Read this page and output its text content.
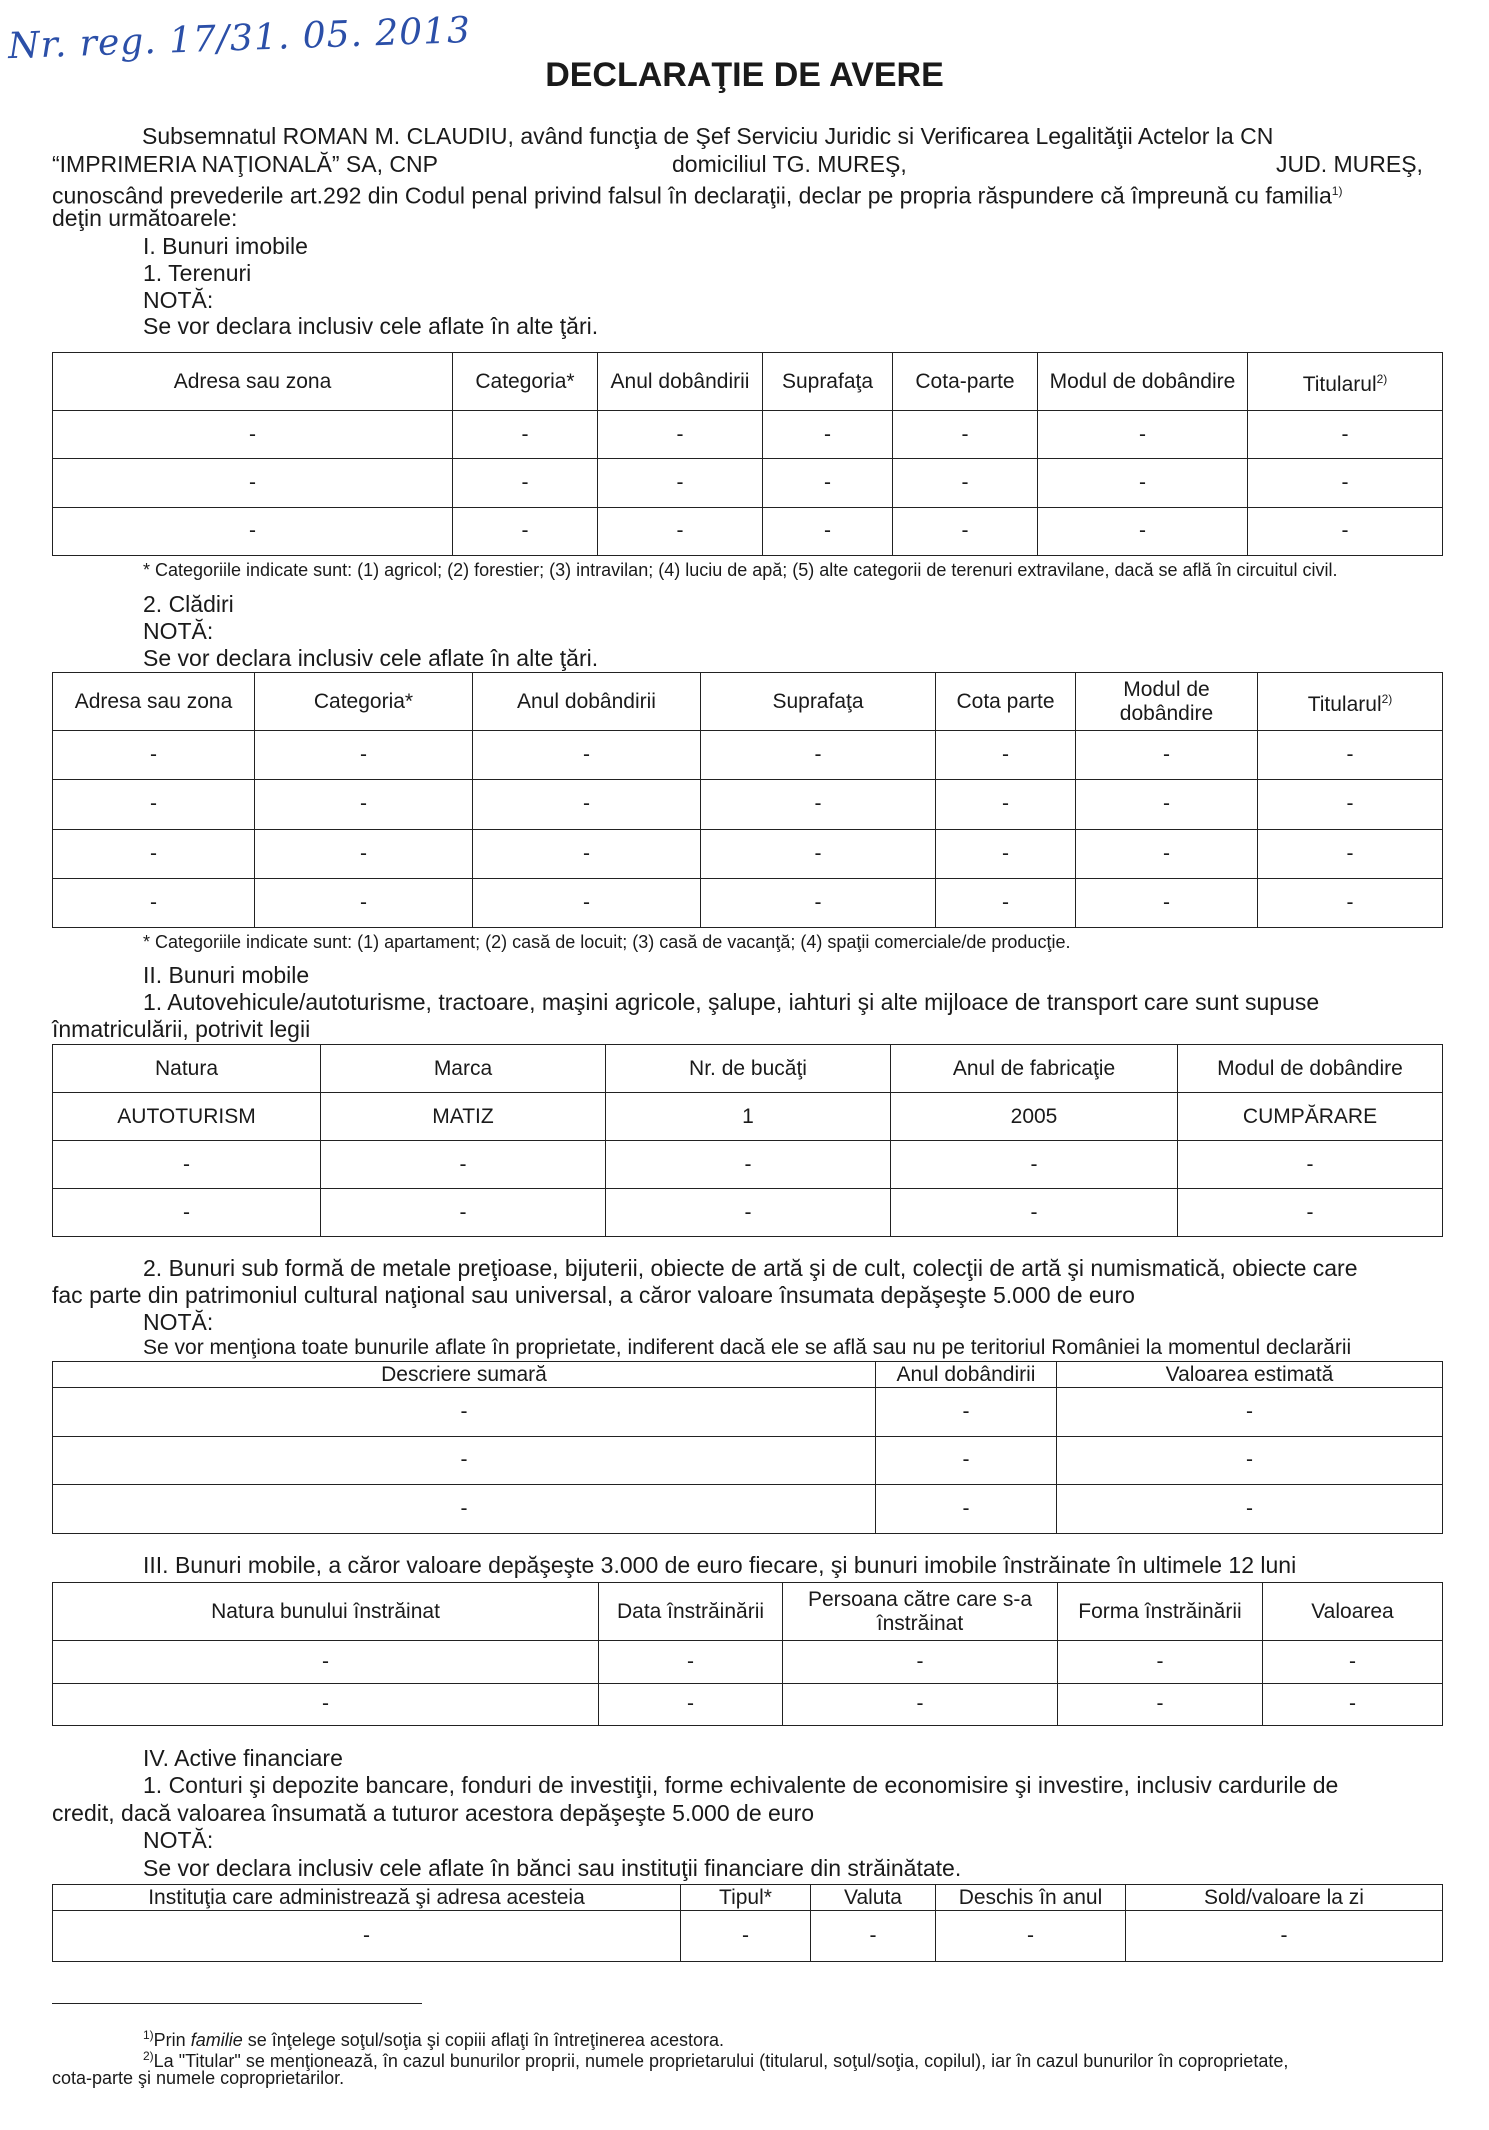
Nr. reg. 17/31. 05. 2013
DECLARAŢIE DE AVERE
Subsemnatul ROMAN M. CLAUDIU, având funcţia de Şef Serviciu Juridic si Verificarea Legalităţii Actelor la CN
“IMPRIMERIA NAŢIONALĂ” SA, CNP	domiciliul TG. MUREŞ,	JUD. MUREŞ,
cunoscând prevederile art.292 din Codul penal privind falsul în declaraţii, declar pe propria răspundere că împreună cu familia$^{1)}$
deţin următoarele:
I. Bunuri imobile
1. Terenuri
NOTĂ:
Se vor declara inclusiv cele aflate în alte ţări.
Adresa sau zona	Categoria*	Anul dobândirii	Suprafaţa	Cota-parte	Modul de dobândire	Titularul$^{2)}$
-	-	-	-	-	-	-
-	-	-	-	-	-	-
-	-	-	-	-	-	-
* Categoriile indicate sunt: (1) agricol; (2) forestier; (3) intravilan; (4) luciu de apă; (5) alte categorii de terenuri extravilane, dacă se află în circuitul civil.
2. Clădiri
NOTĂ:
Se vor declara inclusiv cele aflate în alte ţări.
Adresa sau zona	Categoria*	Anul dobândirii	Suprafaţa	Cota parte	Modul de dobândire	Titularul$^{2)}$
-	-	-	-	-	-	-
-	-	-	-	-	-	-
-	-	-	-	-	-	-
-	-	-	-	-	-	-
* Categoriile indicate sunt: (1) apartament; (2) casă de locuit; (3) casă de vacanţă; (4) spaţii comerciale/de producţie.
II. Bunuri mobile
1. Autovehicule/autoturisme, tractoare, maşini agricole, şalupe, iahturi şi alte mijloace de transport care sunt supuse
înmatriculării, potrivit legii
Natura	Marca	Nr. de bucăţi	Anul de fabricaţie	Modul de dobândire
AUTOTURISM	MATIZ	1	2005	CUMPĂRARE
-	-	-	-	-
-	-	-	-	-
2. Bunuri sub formă de metale preţioase, bijuterii, obiecte de artă şi de cult, colecţii de artă şi numismatică, obiecte care
fac parte din patrimoniul cultural naţional sau universal, a căror valoare însumata depăşeşte 5.000 de euro
NOTĂ:
Se vor menţiona toate bunurile aflate în proprietate, indiferent dacă ele se află sau nu pe teritoriul României la momentul declarării
Descriere sumară	Anul dobândirii	Valoarea estimată
-	-	-
-	-	-
-	-	-
III. Bunuri mobile, a căror valoare depăşeşte 3.000 de euro fiecare, şi bunuri imobile înstrăinate în ultimele 12 luni
Natura bunului înstrăinat	Data înstrăinării	Persoana către care s-a înstrăinat	Forma înstrăinării	Valoarea
-	-	-	-	-
-	-	-	-	-
IV. Active financiare
1. Conturi şi depozite bancare, fonduri de investiţii, forme echivalente de economisire şi investire, inclusiv cardurile de
credit, dacă valoarea însumată a tuturor acestora depăşeşte 5.000 de euro
NOTĂ:
Se vor declara inclusiv cele aflate în bănci sau instituţii financiare din străinătate.
Instituţia care administrează şi adresa acesteia	Tipul*	Valuta	Deschis în anul	Sold/valoare la zi
-	-	-	-	-
$^{1)}$Prin familie se înţelege soţul/soţia şi copiii aflaţi în întreţinerea acestora.
$^{2)}$La "Titular" se menţionează, în cazul bunurilor proprii, numele proprietarului (titularul, soţul/soţia, copilul), iar în cazul bunurilor în coproprietate,
cota-parte şi numele coproprietarilor.
